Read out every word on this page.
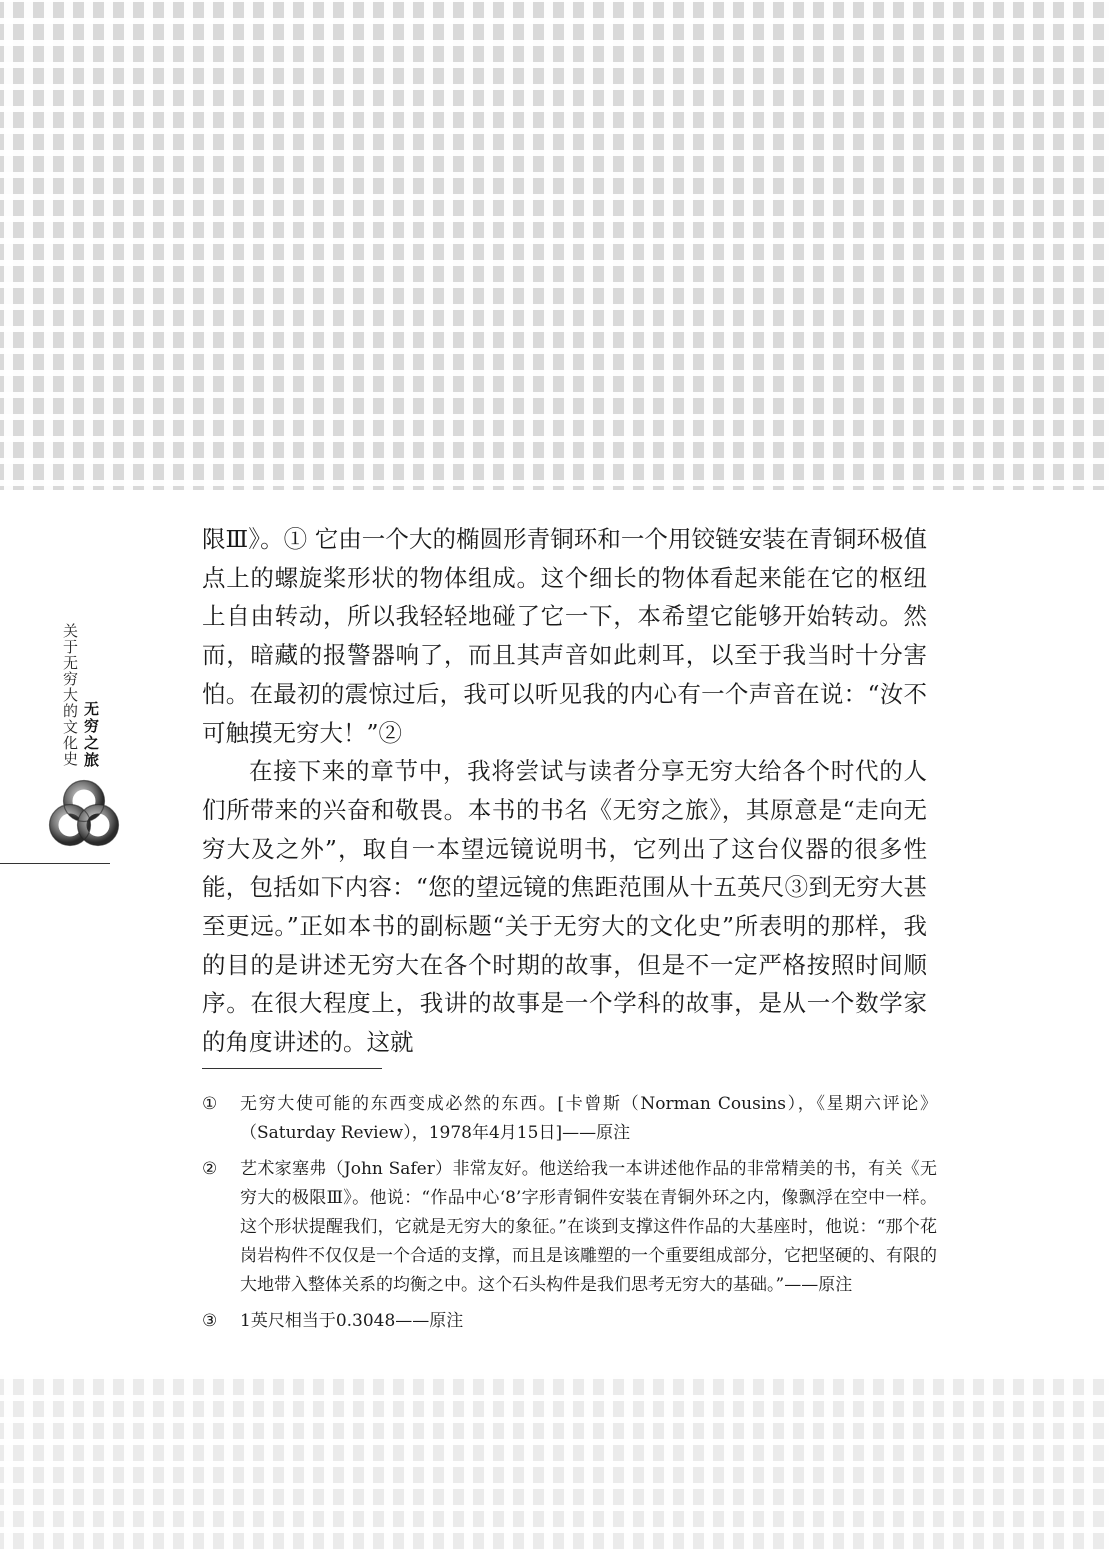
关于无穷大的文化史 无穷之旅

限Ⅲ》。① 它由一个大的椭圆形青铜环和一个用铰链安装在青铜环极值点上的螺旋桨形状的物体组成。这个细长的物体看起来能在它的枢纽上自由转动，所以我轻轻地碰了它一下，本希望它能够开始转动。然而，暗藏的报警器响了，而且其声音如此刺耳，以至于我当时十分害怕。在最初的震惊过后，我可以听见我的内心有一个声音在说：“汝不可触摸无穷大！”②

在接下来的章节中，我将尝试与读者分享无穷大给各个时代的人们所带来的兴奋和敬畏。本书的书名《无穷之旅》，其原意是“走向无穷大及之外”，取自一本望远镜说明书，它列出了这台仪器的很多性能，包括如下内容：“您的望远镜的焦距范围从十五英尺③到无穷大甚至更远。”正如本书的副标题“关于无穷大的文化史”所表明的那样，我的目的是讲述无穷大在各个时期的故事，但是不一定严格按照时间顺序。在很大程度上，我讲的故事是一个学科的故事，是从一个数学家的角度讲述的。这就

① 无穷大使可能的东西变成必然的东西。[卡曾斯（Norman Cousins），《星期六评论》（Saturday Review），1978年4月15日]——原注

② 艺术家塞弗（John Safer）非常友好。他送给我一本讲述他作品的非常精美的书，有关《无穷大的极限Ⅲ》。他说：“作品中心‘8’字形青铜件安装在青铜外环之内，像飘浮在空中一样。这个形状提醒我们，它就是无穷大的象征。”在谈到支撑这件作品的大基座时，他说：“那个花岗岩构件不仅仅是一个合适的支撑，而且是该雕塑的一个重要组成部分，它把坚硬的、有限的大地带入整体关系的均衡之中。这个石头构件是我们思考无穷大的基础。”——原注

③ 1英尺相当于0.3048——原注
